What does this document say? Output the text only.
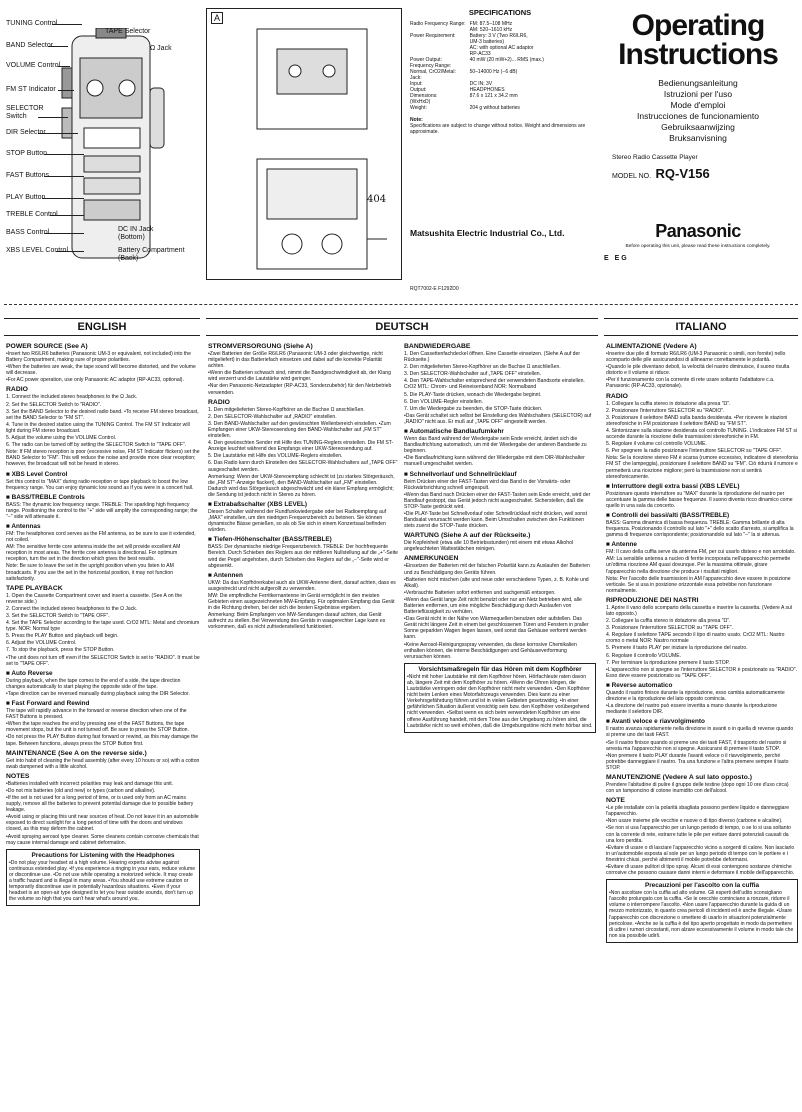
TUNING Control
TAPE Selector
BAND Selector	Ω Jack
VOLUME Control
FM ST Indicator
SELECTOR
Switch
DIR Selector
STOP Button
FAST Buttons
PLAY Button
TREBLE Control
BASS Control	DC IN Jack
(Bottom)
XBS LEVEL Control	Battery Compartment
(Back)
A
404
SPECIFICATIONS
Radio Frequency Range:	FM: 87.5–108 MHz
	AM: 520–1610 kHz
Power Requirement:	Battery: 3 V (Two R6/LR6,
	UM-3 batteries)
	AC: with optional AC adaptor
	RP-AC33
Power Output:	40 mW (20 mW+2)... RMS (max.)
Frequency Range:	
Normal, CrO2/Metal:	50–14000 Hz (−6 dB)
Jack:	
Input:	DC IN; 3V
Output:	HEADPHONES
Dimensions:	87.6 x 121 x 34.2 mm
(WxHxD)	
Weight:	204 g without batteries
Note:
Specifications are subject to change without notice. Weight and dimensions are approximate.
Matsushita Electric Industrial Co., Ltd.
RQT7002-E F1292D0
Operating
Instructions
Bedienungsanleitung
Istruzioni per l'uso
Mode d'emploi
Instrucciones de funcionamiento
Gebruiksaanwijzing
Bruksanvisning
Stereo Radio Cassette Player
MODEL NO. RQ-V156
Panasonic
Before operating this unit, please read these instructions completely.
E EG
ENGLISH	DEUTSCH	ITALIANO
POWER SOURCE (See A)

•Insert two R6/LR6 batteries (Panasonic UM-3 or equivalent, not included) into the Battery Compartment, making sure of proper polarities.

•When the batteries are weak, the tape sound will become distorted, and the volume will decrease.

•For AC power operation, use only Panasonic AC adaptor (RP-AC33, optional).

RADIO

1. Connect the included stereo headphones to the Ω Jack.

2. Set the SELECTOR Switch to "RADIO".

3. Set the BAND Selector to the desired radio band. •To receive FM stereo broadcast, set the BAND Selector to "FM ST".

4. Tune in the desired station using the TUNING Control. The FM ST Indicator will light during FM stereo broadcast.

5. Adjust the volume using the VOLUME Control.

6. The radio can be turned off by setting the SELECTOR Switch to "TAPE OFF".

Note: If FM stereo reception is poor (excessive noise, FM ST Indicator flickers) set the BAND Selector to "FM". This will reduce the noise and provide more clear reception; however, the broadcast will not be heard in stereo.

■ XBS Level Control

Set this control to "MAX" during radio reception or tape playback to boost the low frequency range. You can enjoy dynamic low sound as if you were in a concert hall.

■ BASS/TREBLE Controls

BASS: The dynamic low frequency range. TREBLE: The sparkling high frequency range. Positioning the control to the "+" side will amplify the corresponding range; the "−" side will attenuate it.

■ Antennas

FM: The headphones cord serves as the FM antenna, so be sure to use it extended, not coiled.

AM: The sensitive ferrite core antenna inside the set will provide excellent AM reception in most areas. The ferrite core antenna is directional. For optimum reception, turn the set in the direction which gives the best results.

Note: Be sure to leave the set in the upright position when you listen to AM broadcasts. If you use the set in the horizontal position, it may not function satisfactorily.

TAPE PLAYBACK

1. Open the Cassette Compartment cover and insert a cassette. (See A on the reverse side.)

2. Connect the included stereo headphones to the Ω Jack.

3. Set the SELECTOR Switch to "TAPE OFF".

4. Set the TAPE Selector according to the tape used. CrO2 MTL: Metal and chromium type. NOR: Normal type

5. Press the PLAY Button and playback will begin.

6. Adjust the VOLUME Control.

7. To stop the playback, press the STOP Button.

•The unit does not turn off even if the SELECTOR Switch is set to "RADIO". It must be set to "TAPE OFF".

■ Auto Reverse

During playback, when the tape comes to the end of a side, the tape direction changes automatically to start playing the opposite side of the tape.

•Tape direction can be reversed manually during playback using the DIR Selector.

■ Fast Forward and Rewind

The tape will rapidly advance in the forward or reverse direction when one of the FAST Buttons is pressed.

•When the tape reaches the end by pressing one of the FAST Buttons, the tape movement stops, but the unit is not turned off. Be sure to press the STOP Button.

•Do not press the PLAY Button during fast forward or rewind, as this may damage the tape. Between functions, always press the STOP Button first.

MAINTENANCE (See A on the reverse side.)

Get into habit of cleaning the head assembly (after every 10 hours or so) with a cotton swab dampened with a little alcohol.

NOTES

•Batteries installed with incorrect polarities may leak and damage this unit.

•Do not mix batteries (old and new) or types (carbon and alkaline).

•If the set is not used for a long period of time, or is used only from an AC mains supply, remove all the batteries to prevent potential damage due to possible battery leakage.

•Avoid using or placing this unit near sources of heat. Do not leave it in an automobile exposed to direct sunlight for a long period of time with the doors and windows closed, as this may deform the cabinet.

•Avoid spraying aerosol type cleaner. Some cleaners contain corrosive chemicals that may cause internal damage and cabinet deformation.

Precautions for Listening with the Headphones

•Do not play your headset at a high volume. Hearing experts advise against continuous extended play. •If you experience a ringing in your ears, reduce volume or discontinue use. •Do not use while operating a motorized vehicle. It may create a traffic hazard and is illegal in many areas. •You should use extreme caution or temporarily discontinue use in potentially hazardous situations. •Even if your headset is an open-air type designed to let you hear outside sounds, don't turn up the volume so high that you can't hear what's around you.

STROMVERSORGUNG (Siehe A)

•Zwei Batterien der Größe R6/LR6 (Panasonic UM-3 oder gleichwertige, nicht mitgeliefert) in das Batteriefach einsetzen und dabei auf die korrekte Polarität achten.

•Wenn die Batterien schwach sind, nimmt die Bandgeschwindigkeit ab, der Klang wird verzerrt und die Lautstärke wird geringer.

•Nur den Panasonic-Netzadapter (RP-AC33, Sonderzubehör) für den Netzbetrieb verwenden.

RADIO

1. Den mitgelieferten Stereo-Kopfhörer an die Buchse Ω anschließen.

2. Den SELECTOR-Wahlschalter auf „RADIO" einstellen.

3. Den BAND-Wahlschalter auf den gewünschten Wellenbereich einstellen. •Zum Empfangen einer UKW-Stereosendung den BAND-Wahlschalter auf „FM ST" einstellen.

4. Den gewünschten Sender mit Hilfe des TUNING-Reglers einstellen. Die FM ST-Anzeige leuchtet während des Empfangs einer UKW-Stereosendung auf.

5. Die Lautstärke mit Hilfe des VOLUME-Reglers einstellen.

6. Das Radio kann durch Einstellen des SELECTOR-Wahlschalters auf „TAPE OFF" ausgeschaltet werden.

Anmerkung: Wenn der UKW-Stereoempfang schlecht ist (zu starkes Störgeräusch, die „FM ST"-Anzeige flackert), den BAND-Wahlschalter auf „FM" einstellen. Dadurch wird das Störgeräusch abgeschwächt und ein klarer Empfang ermöglicht; die Sendung ist jedoch nicht in Stereo zu hören.

■ Extrabaßschalter (XBS LEVEL)

Diesen Schalter während der Rundfunkwiedergabe oder bei Radioempfang auf „MAX" einstellen, um den niedrigen Frequenzbereich zu betonen. Sie können dynamische Bässe genießen, so als ob Sie sich in einem Konzertsaal befinden würden.

■ Tiefen-/Höhenschalter (BASS/TREBLE)

BASS: Der dynamische niedrige Frequenzbereich. TREBLE: Der hochfrequente Bereich. Durch Schieben des Reglers aus der mittleren Nullstellung auf die „+"-Seite wird der Pegel angehoben, durch Schieben des Reglers auf die „−"-Seite wird er abgesenkt.

■ Antennen

UKW: Da das Kopfhörerkabel auch als UKW-Antenne dient, darauf achten, dass es ausgestreckt und nicht aufgerollt zu verwenden.

MW: Die empfindliche Ferritkernantenne im Gerät ermöglicht in den meisten Gebieten einen ausgezeichneten MW-Empfang. Für optimalen Empfang das Gerät in die Richtung drehen, bei der sich die besten Ergebnisse ergeben.

Anmerkung: Beim Empfangen von MW-Sendungen darauf achten, das Gerät aufrecht zu stellen. Bei Verwendung des Geräts in waagerechter Lage kann es vorkommen, daß es nicht zufriedenstellend funktioniert.

BANDWIEDERGABE

1. Den Cassettenfachdeckel öffnen. Eine Cassette einsetzen. (Siehe A auf der Rückseite.)

2. Den mitgelieferten Stereo-Kopfhörer an die Buchse Ω anschließen.

3. Den SELECTOR-Wahlschalter auf „TAPE OFF" einstellen.

4. Den TAPE-Wahlschalter entsprechend der verwendeten Bandsorte einstellen. CrO2 MTL: Chrom- und Reineisenband NOR: Normalband

5. Die PLAY-Taste drücken, wonach die Wiedergabe beginnt.

6. Den VOLUME-Regler einstellen.

7. Um die Wiedergabe zu beenden, die STOP-Taste drücken.

•Das Gerät schaltet sich selbst bei Einstellung des Wahlschalters (SELECTOR) auf „RADIO" nicht aus. Er muß auf „TAPE OFF" eingestellt werden.

■ Automatische Bandlaufumkehr

Wenn das Band während der Wiedergabe sein Ende erreicht, ändert sich die Bandlaufrichtung automatisch, um mit der Wiedergabe der anderen Bandseite zu beginnen.

•Die Bandlaufrichtung kann während der Wiedergabe mit dem DIR-Wahlschalter manuell umgeschaltet werden.

■ Schnellvorlauf und Schnellrücklauf

Beim Drücken einer der FAST-Tasten wird das Band in der Vorwärts- oder Rückwärtsrichtung schnell umgespult.

•Wenn das Band nach Drücken einer der FAST-Tasten sein Ende erreicht, wird der Bandlauf gestoppt, das Gerät jedoch nicht ausgeschaltet. Sicherstellen, daß die STOP-Taste gedrückt wird.

•Die PLAY-Taste bei Schnellvorlauf oder Schnellrücklauf nicht drücken, weil sonst Bandsalat verursacht werden kann. Beim Umschalten zwischen den Funktionen stets zuerst die STOP-Taste drücken.

WARTUNG (Siehe A auf der Rückseite.)

Die Kopfeinheit (etwa alle 10 Betriebsstunden) mit einem mit etwas Alkohol angefeuchteten Wattestäbchen reinigen.

ANMERKUNGEN

•Einsetzen der Batterien mit der falschen Polarität kann zu Auslaufen der Batterien und zu Beschädigung des Geräts führen.

•Batterien nicht mischen (alte und neue oder verschiedene Typen, z. B. Kohle und Alkali).

•Verbrauchte Batterien sofort entfernen und sachgemäß entsorgen.

•Wenn das Gerät lange Zeit nicht benutzt oder nur am Netz betrieben wird, alle Batterien entfernen, um eine mögliche Beschädigung durch Auslaufen von Batterieflüssigkeit zu verhüten.

•Das Gerät nicht in der Nähe von Wärmequellen benutzen oder aufstellen. Das Gerät nicht längere Zeit in einem bei geschlossenen Türen und Fenstern in praller Sonne geparkten Wagen liegen lassen, weil sonst das Gehäuse verformt werden kann.

•Keine Aerosol-Reinigungsspray verwenden, da diese korrosive Chemikalien enthalten können, die interne Beschädigungen und Gehäuseverformung verursachen können.

Vorsichtsmaßregeln für das Hören mit dem Kopfhörer

•Nicht mit hoher Lautstärke mit dem Kopfhörer hören. Hörfachleute raten davon ab, längere Zeit mit dem Kopfhörer zu hören. •Wenn die Ohren klingen, die Lautstärke verringern oder den Kopfhörer nicht mehr verwenden. •Den Kopfhörer nicht beim Lenken eines Motorfahrzeugs verwenden. Dies kann zu einer Verkehrsgefährdung führen und ist in vielen Gebieten gesetzwidrig. •In einer gefährlichen Situation äußerst vorsichtig sein bzw. den Kopfhörer vorübergehend nicht verwenden. •Selbst wenn es sich beim verwendeten Kopfhörer um eine offene Ausführung handelt, mit dem Töne aus der Umgebung zu hören sind, die Lautstärke nicht so weit erhöhen, daß die Umgebungstöne nicht mehr hörbar sind.

ALIMENTAZIONE (Vedere A)

•Inserire due pile di formato R6/LR6 (UM-3 Panasonic o simili, non fornite) nello scomparto delle pile assicurandosi di allinearne correttamente le polarità.

•Quando le pile diventano deboli, la velocità del nastro diminuisce, il suono risulta distorto e il volume si riduce.

•Per il funzionamento con la corrente di rete usare soltanto l'adattatore c.a. Panasonic (RP-AC33, opzionale).

RADIO

1. Collegare la cuffia stereo in dotazione alla presa "Ω".

2. Posizionare l'interruttore SELECTOR su "RADIO".

3. Posizionare il selettore BAND sulla banda desiderata. •Per ricevere le stazioni stereofoniche in FM posizionare il selettore BAND su "FM ST".

4. Sintonizzare sulla stazione desiderata col controllo TUNING. L'indicatore FM ST si accende durante la ricezione delle trasmissioni stereofoniche in FM.

5. Regolare il volume col controllo VOLUME.

6. Per spegnere la radio posizionare l'interruttore SELECTOR su "TAPE OFF".

Nota: Se la ricezione stereo FM è scarsa (rumore eccessivo, indicatore di stereofonia FM ST che lampeggia), posizionare il selettore BAND su "FM". Ciò ridurrà il rumore e permetterà una ricezione migliore; però la trasmissione non si sentirà stereofonicamente.

■ Interruttore degli extra bassi (XBS LEVEL)

Posizionare questo interruttore su "MAX" durante la riproduzione del nastro per accentuare la gamma delle basse frequenze. Il suono diventa ricco dinamico come quello in una sala da concerto.

■ Controlli dei bassi/alti (BASS/TREBLE)

BASS: Gamma dinamica di bassa frequenza. TREBLE: Gamma brillante di alta frequenza. Posizionando il controllo sul lato "+" dello scatto d'arresto, si amplifica la gamma di frequenze corrispondente; posizionandolo sul lato "−" la si attenua.

■ Antenne

FM: Il cavo della cuffia serve da antenna FM, per cui usarlo disteso e non arrotolato.

AM: La sensibile antenna a nucleo di ferrite incorporata nell'apparecchio permette un'ottima ricezione AM quasi dovunque. Per la massima ottimale, girare l'apparecchio nella direzione che produce i risultati migliori.

Nota: Per l'ascolto delle trasmissioni in AM l'apparecchio deve essere in posizione verticale. Se si usa in posizione orizzontale essa potrebbe non funzionare normalmente.

RIPRODUZIONE DEI NASTRI

1. Aprire il vano dello scomparto della cassetta e inserire la cassetta. (Vedere A sul lato opposto.)

2. Collegare la cuffia stereo in dotazione alla presa "Ω".

3. Posizionare l'interruttore SELECTOR su "TAPE OFF".

4. Regolare il selettore TAPE secondo il tipo di nastro usato. CrO2 MTL: Nastro cromo o metal NOR: Nastro normale

5. Premere il tasto PLAY per iniziare la riproduzione del nastro.

6. Regolare il controllo VOLUME.

7. Per terminare la riproduzione premere il tasto STOP.

•L'apparecchio non si spegne se l'interruttore SELECTOR è posizionato su "RADIO". Esso deve essere posizionato su "TAPE OFF".

■ Reverse automatico

Quando il nastro finisce durante la riproduzione, esso cambia automaticamente direzione e la riproduzione del lato opposto comincia.

•La direzione del nastro può essere invertita a mano durante la riproduzione mediante il selettore DIR.

■ Avanti veloce e riavvolgimento

Il nastro avanza rapidamente nella direzione in avanti o in quella di reverse quando si preme uno dei tasti FAST.

•Se il nastro finisce quando si preme uno dei tasti FAST, il trasporto del nastro si arresta ma l'apparecchio non si spegne. Assicurarsi di premere il tasto STOP.

•Non premere il tasto PLAY durante l'avanti veloce o il riavvolgimento, perché potrebbe danneggiare il nastro. Tra una funzione e l'altra premere sempre il tasto STOP.

MANUTENZIONE (Vedere A sul lato opposto.)

Prendere l'abitudine di pulire il gruppo delle testine (dopo ogni 10 ore d'uso circa) con un tamponcino di cotone inumidito con dell'alcool.

NOTE

•Le pile installate con la polarità sbagliata possono perdere liquido e danneggiare l'apparecchio.

•Non usare insieme pile vecchie e nuove o di tipo diverso (carbone e alcaline).

•Se non si usa l'apparecchio per un lungo periodo di tempo, o se lo si usa soltanto con la corrente di rete, estrarre tutte le pile per evitare danni potenziali causati da una loro perdita.

•Evitare di usare o di lasciare l'apparecchio vicino a sorgenti di calore. Non lasciarlo in un'automobile esposta al sole per un lungo periodo di tempo con le portiere e i finestrini chiusi, perché altrimenti il mobile potrebbe deformarsi.

•Evitare di usare pulitori di tipo spray. Alcuni di essi contengono sostanze chimiche corrosive che possono causare danni interni e deformare il mobile dell'apparecchio.

Precauzioni per l'ascolto con la cuffia

•Non ascoltare con la cuffia ad alto volume. Gli esperti dell'udito sconsigliano l'ascolto prolungato con la cuffia. •Se le orecchie cominciano a ronzare, ridurre il volume o interrompere l'ascolto. •Non usare l'apparecchio durante la guida di un mezzo motorizzato, in quanto crea pericoli di incidenti ed è anche illegale. •Usare l'apparecchio con discrezione o smettere di usarlo in situazioni potenzialmente pericolose. •Anche se la cuffia è del tipo aperto progettato in modo da permettere di udire i rumori circostanti, non alzare eccessivamente il volume in modo tale che non sia possibile udirli.
